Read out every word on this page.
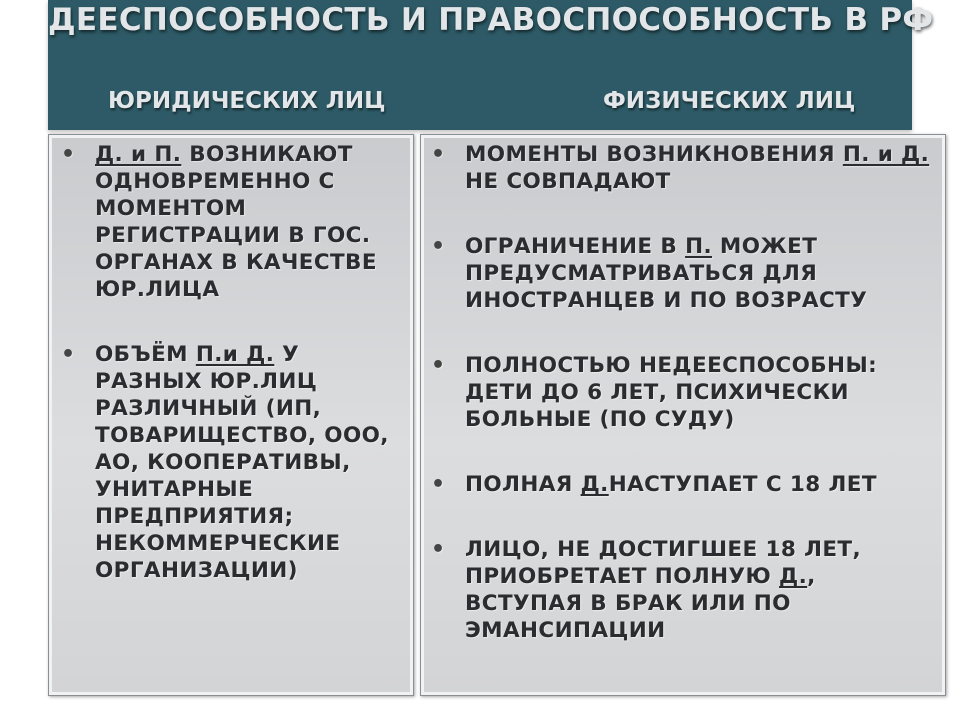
ДЕЕСПОСОБНОСТЬ И ПРАВОСПОСОБНОСТЬ В РФ
ЮРИДИЧЕСКИХ ЛИЦ	ФИЗИЧЕСКИХ ЛИЦ
• Д. и П. ВОЗНИКАЮТ ОДНОВРЕМЕННО С МОМЕНТОМ РЕГИСТРАЦИИ В ГОС. ОРГАНАХ В КАЧЕСТВЕ ЮР.ЛИЦА
• ОБЪЁМ П.и Д. У РАЗНЫХ ЮР.ЛИЦ РАЗЛИЧНЫЙ (ИП, ТОВАРИЩЕСТВО, ООО, АО, КООПЕРАТИВЫ, УНИТАРНЫЕ ПРЕДПРИЯТИЯ; НЕКОММЕРЧЕСКИЕ ОРГАНИЗАЦИИ)
• МОМЕНТЫ ВОЗНИКНОВЕНИЯ П. и Д. НЕ СОВПАДАЮТ
• ОГРАНИЧЕНИЕ В П. МОЖЕТ ПРЕДУСМАТРИВАТЬСЯ ДЛЯ ИНОСТРАНЦЕВ И ПО ВОЗРАСТУ
• ПОЛНОСТЬЮ НЕДЕЕСПОСОБНЫ: ДЕТИ ДО 6 ЛЕТ, ПСИХИЧЕСКИ БОЛЬНЫЕ (ПО СУДУ)
• ПОЛНАЯ Д.НАСТУПАЕТ С 18 ЛЕТ
• ЛИЦО, НЕ ДОСТИГШЕЕ 18 ЛЕТ, ПРИОБРЕТАЕТ ПОЛНУЮ Д., ВСТУПАЯ В БРАК ИЛИ ПО ЭМАНСИПАЦИИ
